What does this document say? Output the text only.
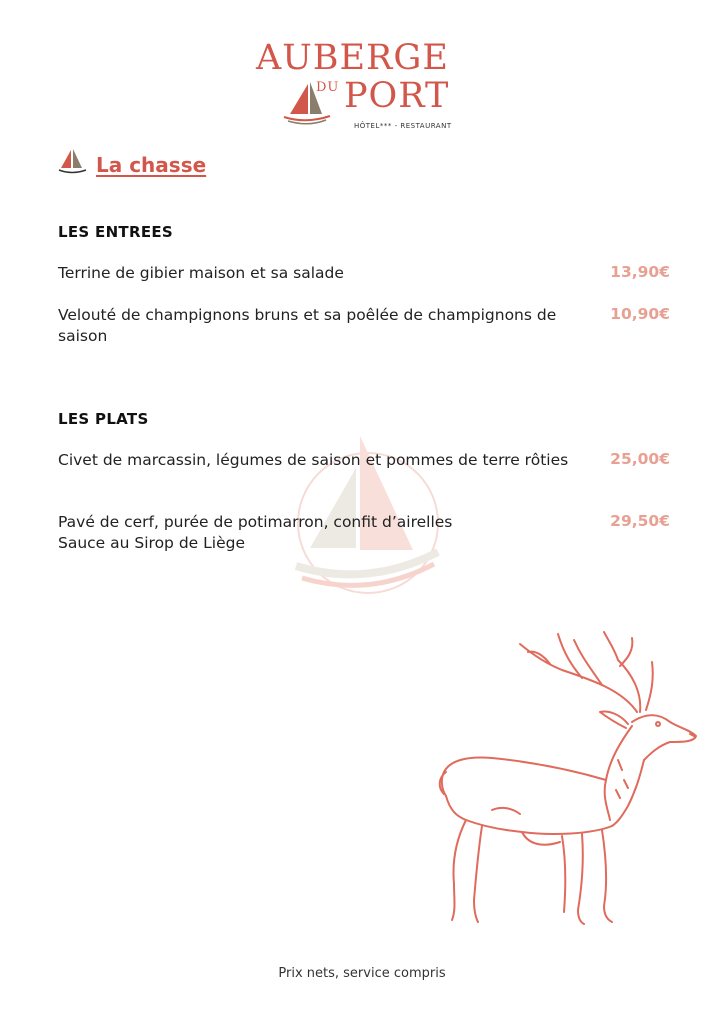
AUBERGE
DU PORT
HÔTEL*** - RESTAURANT
La chasse
LES ENTREES
Terrine de gibier maison et sa salade	13,90€
Velouté de champignons bruns et sa poêlée de champignons de saison
10,90€
LES PLATS
Civet de marcassin, légumes de saison et pommes de terre rôties	25,00€
Pavé de cerf, purée de potimarron, confit d’airelles
Sauce au Sirop de Liège
29,50€
Prix nets, service compris
